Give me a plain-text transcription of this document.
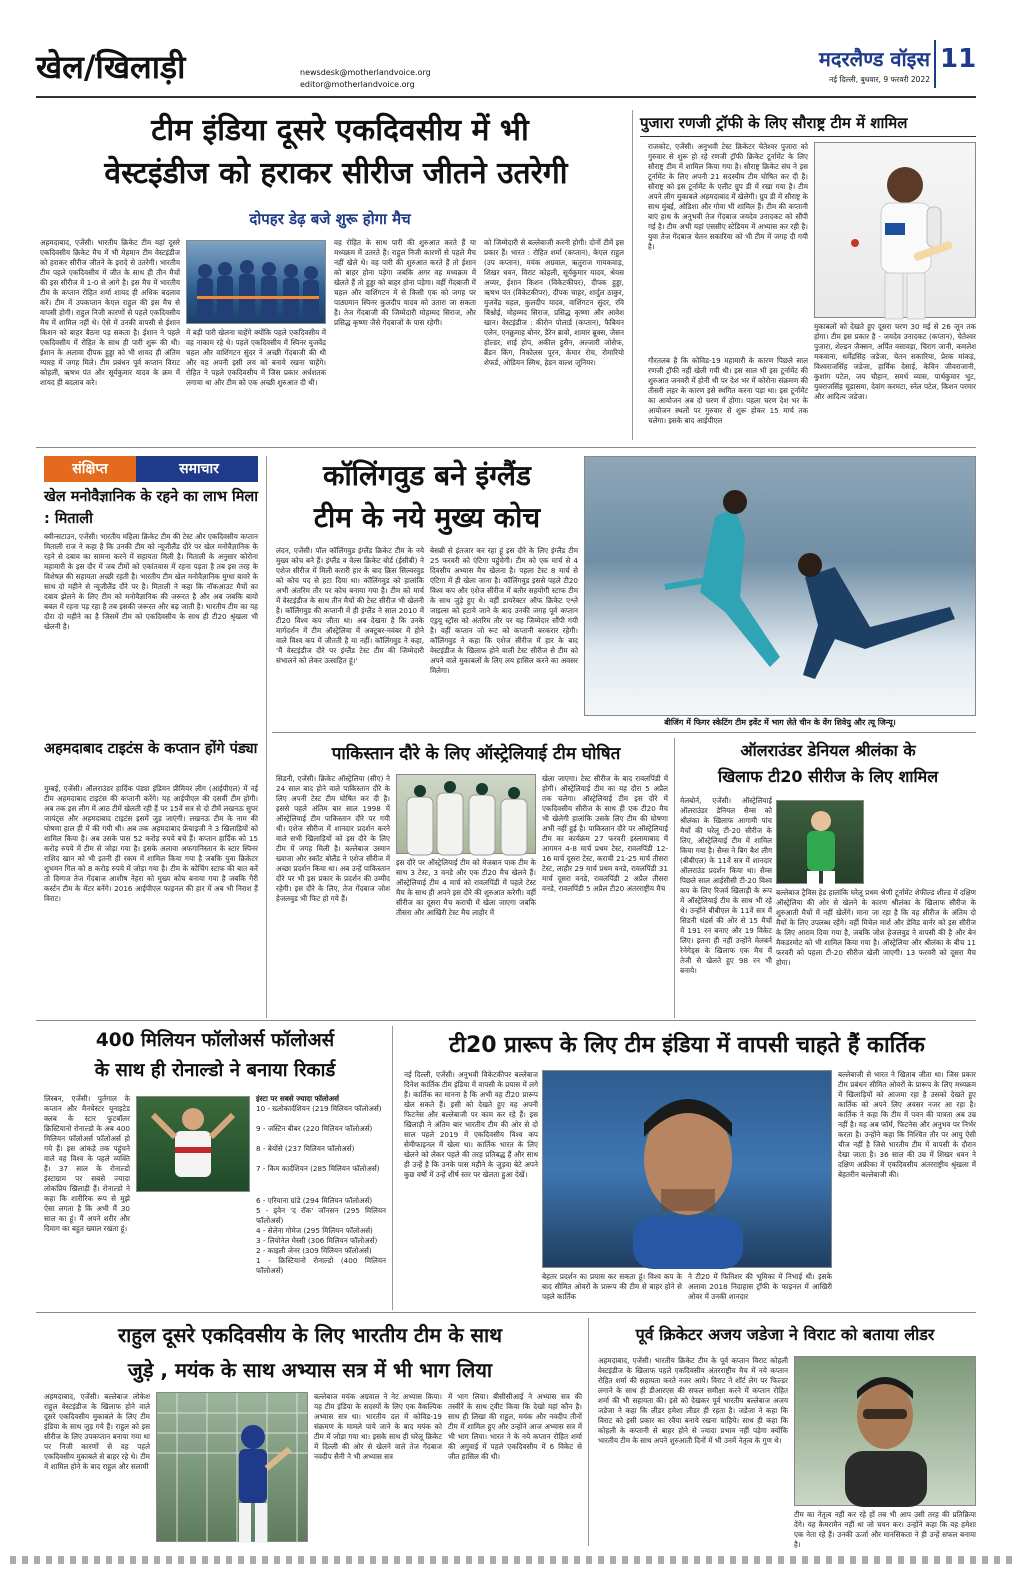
खेल/खिलाड़ी	newsdesk@motherlandvoice.org
editor@motherlandvoice.org
मदरलैण्ड वॉइस 11
नई दिल्ली, बुधवार, 9 फरवरी 2022
टीम इंडिया दूसरे एकदिवसीय में भी
वेस्टइंडीज को हराकर सीरीज जीतने उतरेगी
दोपहर डेढ़ बजे शुरू होगा मैच
अहमदाबाद, एजेंसी। भारतीय क्रिकेट टीम यहां दूसरे एकदिवसीय क्रिकेट मैच में भी मेहमान टीम वेस्टइंडीज को हराकर सीरीज जीतने के इरादे से उतरेगी। भारतीय टीम पहले एकदिवसीय में जीत के साथ ही तीन मैचों की इस सीरीज में 1-0 से आगे है। इस मैच में भारतीय टीम के कप्तान रोहित शर्मा शायद ही अधिक बदलाव करें। टीम में उपकप्तान केएल राहुल की इस मैच से वापसी होगी। राहुल निजी कारणों से पहले एकदिवसीय मैच में शामिल नहीं थे। ऐसे में उनकी वापसी से ईशान किशन को बाहर बैठना पड़ सकता है। ईशान ने पहले एकदिवसीय में रोहित के साथ ही पारी शुरू की थी। ईशान के अलावा दीपक हुड्डा को भी शायद ही अंतिम ग्यारह में जगह मिले। टीम प्रबंधन पूर्व कप्तान विराट कोहली, ऋषभ पंत और सूर्यकुमार यादव के क्रम में शायद ही बदलाव करे।
में बड़ी पारी खेलना चाहेंगे क्योंकि पहले एकदिवसीय में वह नाकाम रहे थे। पहले एकदिवसीय में स्पिनर युजवेंद्र चहल और वाशिंगटन सुंदर ने अच्छी गेंदबाजी की थी और यह अपनी इसी लय को बनाये रखना चाहेंगे। रोहित ने पहले एकदिवसीय में जिस प्रकार अर्धशतक लगाया था और टीम को एक अच्छी शुरुआत दी थी।
वह रोहित के साथ पारी की शुरुआत करते हैं या मध्यक्रम में उतरते हैं। राहुल निजी कारणों से पहले मैच नहीं खेले थे। वह पारी की शुरुआत करते हैं तो ईशान को बाहर होना पड़ेगा जबकि अगर वह मध्यक्रम में खेलते हैं तो हुड्डा को बाहर होना पड़ेगा। वहीं गेंदबाजी में चहल और वाशिंगटन में से किसी एक को जगह पर पाठ्यमान स्पिनर कुलदीप यादव को उतारा जा सकता है। तेज गेंदबाजी की जिम्मेदारी मोहम्मद सिराज, और प्रसिद्ध कृष्णा जैसे गेंदबाजों के पास रहेगी।
को जिम्मेदारी से बल्लेबाजी करनी होगी। दोनों टीमें इस प्रकार हैं। भारत : रोहित शर्मा (कप्तान), केएल राहुल (उप कप्तान), मयंक अग्रवाल, ऋतुराज गायकवाड़, शिखर धवन, विराट कोहली, सूर्यकुमार यादव, श्रेयस अय्यर, ईशान किशन (विकेटकीपर), दीपक हुड्डा, ऋषभ पंत (विकेटकीपर), दीपक चाहर, शार्दुल ठाकुर, युजवेंद्र चहल, कुलदीप यादव, वाशिंगटन सुंदर, रवि बिश्नोई, मोहम्मद सिराज, प्रसिद्ध कृष्णा और आवेश खान। वेस्टइंडीज : कीरोन पोलार्ड (कप्तान), फैबियन एलेन, एनक्रुमाह बोनर, डैरेन ब्रावो, शामार ब्रूक्स, जेसन होल्डर, शाई होप, अकील हुसैन, अल्जारी जोसेफ, ब्रैंडन किंग, निकोलस पूरन, केमार रोच, रोमारियो शेफर्ड, ओडियन स्मिथ, हेडन वाल्श जूनियर।
पुजारा रणजी ट्रॉफी के लिए सौराष्ट्र टीम में शामिल
राजकोट, एजेंसी। अनुभवी टेस्ट क्रिकेटर चेतेश्वर पुजारा को गुरुवार से शुरू हो रहे रणजी ट्रॉफी क्रिकेट टूर्नामेंट के लिए सौराष्ट्र टीम में शामिल किया गया है। सौराष्ट्र क्रिकेट संघ ने इस टूर्नामेंट के लिए अपनी 21 सदस्यीय टीम घोषित कर दी है। सौराष्ट्र को इस टूर्नामेंट के एलीट ग्रुप डी में रखा गया है। टीम अपने लीग मुकाबले अहमदाबाद में खेलेगी। ग्रुप डी में सौराष्ट्र के साथ मुंबई, ओडिशा और गोवा भी शामिल हैं। टीम की कप्तानी बाएं हाथ के अनुभवी तेज गेंदबाज जयदेव उनादकट को सौंपी गई है। टीम अभी यहां एससीए स्टेडियम में अभ्यास कर रही है। युवा तेज गेंदबाज चेतन सकारिया को भी टीम में जगह दी गयी है।
गौरतलब है कि कोविड-19 महामारी के कारण पिछले साल रणजी ट्रॉफी नहीं खेली गयी थी। इस साल भी इस टूर्नामेंट की शुरुआत जनवरी में होनी थी पर देश भर में कोरोना संक्रमण की तीसरी लहर के कारण इसे स्थगित करना पड़ा था। इस टूर्नामेंट का आयोजन अब दो चरण में होगा। पहला चरण देश भर के आयोजन स्थलों पर गुरुवार से शुरू होकर 15 मार्च तक चलेगा। इसके बाद आईपीएल
मुकाबलों को देखते हुए दूसरा चरण 30 मई से 26 जून तक होगा। टीम इस प्रकार है - जयदेव उनादकट (कप्तान), चेतेश्वर पुजारा, शेल्डन जैक्सन, अर्पित वसावड़ा, चिराग जानी, कमलेश मकवाना, धर्मेंद्रसिंह जडेजा, चेतन सकारिया, प्रेरक मांकड़, विश्वराजसिंह जडेजा, हार्विक देसाई, केविन जीवराजानी, कुशांग पटेल, जय चौहान, समर्थ व्यास, पार्थकुमार भुट, युवराजसिंह चूडासमा, देवांग करमटा, स्नेल पटेल, किशन परमार और आदित्य जडेजा।
संक्षिप्त	समाचार
खेल मनोवैज्ञानिक के रहने का लाभ मिला : मिताली
क्वीन्सटाउन, एजेंसी। भारतीय महिला क्रिकेट टीम की टेस्ट और एकदिवसीय कप्तान मिताली राज ने कहा है कि उनकी टीम को न्यूजीलैंड दौरे पर खेल मनोवैज्ञानिक के रहने से दबाव का सामना करने में सहायता मिली है। मिताली के अनुसार कोरोना महामारी के इस दौर में जब टीमों को एकांतवास में रहना पड़ता है तब इस तरह के विशेषज्ञ की सहायता अच्छी रहती है। भारतीय टीम खेल मनोवैज्ञानिक मुग्धा बावरे के साथ दो महीने से न्यूजीलैंड दौरे पर है। मिताली ने कहा कि नॉकआउट मैचों का दबाव झेलने के लिए टीम को मनोवैज्ञानिक की जरूरत है और अब जबकि बायो बबल में रहना पड़ रहा है तब इसकी जरूरत और बढ़ जाती है। भारतीय टीम का यह दौरा दो महीने का है जिसमें टीम को एकदिवसीय के साथ ही टी20 श्रृंखला भी खेलनी है।
अहमदाबाद टाइटंस के कप्तान होंगे पंड्या
मुम्बई, एजेंसी। ऑलराउंडर हार्दिक पंड्या इंडियन प्रीमियर लीग (आईपीएल) में नई टीम अहमदाबाद टाइटंस की कप्तानी करेंगे। यह आईपीएल की दसवीं टीम होगी। अब तक इस लीग में आठ टीमें खेलती रही हैं पर 15वें सत्र से दो टीमें लखनऊ सुपर जायंट्स और अहमदाबाद टाइटंस इसमें जुड़ जाएंगी। लखनऊ टीम के नाम की घोषणा हाल ही में की गयी थी। अब तक अहमदाबाद फ्रेंचाइजी ने 3 खिलाड़ियों को शामिल किया है। अब उसके पास 52 करोड़ रुपये बचे हैं। कप्तान हार्दिक को 15 करोड़ रुपये में टीम से जोड़ा गया है। इसके अलावा अफगानिस्तान के स्टार स्पिनर राशिद खान को भी इतनी ही रकम में शामिल किया गया है जबकि युवा क्रिकेटर शुभमन गिल को 8 करोड़ रुपये में जोड़ा गया है। टीम के कोचिंग स्टाफ की बात करें तो दिग्गज तेज गेंदबाज आशीष नेहरा को मुख्य कोच बनाया गया है जबकि गैरी कर्स्टन टीम के मेंटर बनेंगे। 2016 आईपीएल फाइनल की हार में अब भी निराश हैं विराट।
कॉलिंगवुड बने इंग्लैंड
टीम के नये मुख्य कोच
लंदन, एजेंसी। पॉल कॉलिंगवुड इंग्लैंड क्रिकेट टीम के नये मुख्य कोच बने हैं। इंग्लैंड व वेल्स क्रिकेट बोर्ड (ईसीबी) ने एशेज सीरीज में मिली करारी हार के बाद क्रिस सिल्वरवुड को कोच पद से हटा दिया था। कॉलिंगवुड को हालांकि अभी अंतरिम तौर पर कोच बनाया गया है। टीम को मार्च में वेस्टइंडीज के साथ तीन मैचों की टेस्ट सीरीज भी खेलनी है। कॉलिंगवुड की कप्तानी में ही इंग्लैंड ने साल 2010 में टी20 विश्व कप जीता था। अब देखना है कि उनके मार्गदर्शन में टीम ऑस्ट्रेलिया में अक्टूबर-नवंबर में होने वाले विश्व कप में जीतती है या नहीं। कॉलिंगवुड ने कहा, 'मैं वेस्टइंडीज दौरे पर इंग्लैंड टेस्ट टीम की जिम्मेदारी संभालने को लेकर उत्साहित हूं।'
बेसब्री से इंतजार कर रहा हूं इस दौरे के लिए इंग्लैंड टीम 25 फरवरी को एंटिगा पहुंचेगी। टीम को एक मार्च से 4 दिवसीय अभ्यास मैच खेलना है। पहला टेस्ट 8 मार्च से एंटिगा में ही खेला जाना है। कॉलिंगवुड इससे पहले टी20 विश्व कप और एशेज सीरीज में बतौर सहयोगी स्टाफ टीम के साथ जुड़े हुए थे। वहीं डायरेक्टर ऑफ क्रिकेट एश्ले जाइल्स को हटाये जाने के बाद उनकी जगह पूर्व कप्तान एंड्रयू स्ट्रॉस को अंतरिम तौर पर यह जिम्मेदार सौंपी गयी है। वहीं कप्तान जो रूट को कप्तानी बरकरार रहेगी। कॉलिंगवुड ने कहा कि एशेज सीरीज में हार के बाद वेस्टइंडीज के खिलाफ होने वाली टेस्ट सीरीज से टीम को अपने वाले मुकाबलों के लिए लय हासिल करने का अवसर मिलेगा।
बीजिंग में फिगर स्केटिंग टीम इवेंट में भाग लेते चीन के वेंग शिवेयु और त्यू जिन्यू।
पाकिस्तान दौरे के लिए ऑस्ट्रेलियाई टीम घोषित
सिडनी, एजेंसी। क्रिकेट ऑस्ट्रेलिया (सीए) ने 24 साल बाद होने वाले पाकिस्तान दौरे के लिए अपनी टेस्ट टीम घोषित कर दी है। इससे पहले अंतिम बार साल 1998 में ऑस्ट्रेलियाई टीम पाकिस्तान दौरे पर गयी थी। एशेज सीरीज में शानदार प्रदर्शन करने वाले सभी खिलाड़ियों को इस दौरे के लिए टीम में जगह मिली है। बल्लेबाज उस्मान ख्वाजा और स्कॉट बोलैंड ने एशेज सीरीज में अच्छा प्रदर्शन किया था। अब उन्हें पाकिस्तान दौरे पर भी इस प्रकार के प्रदर्शन की उम्मीद रहेगी। इस दौरे के लिए, तेज गेंदबाज जोश हेजलवुड भी फिट हो गये हैं।
इस दौरे पर ऑस्ट्रेलियाई टीम को मेजबान पाक टीम के साथ 3 टेस्ट, 3 वनडे और एक टी20 मैच खेलने हैं। ऑस्ट्रेलियाई टीम 4 मार्च को रावलपिंडी में पहले टेस्ट मैच के साथ ही अपने इस दौरे की शुरुआत करेगी। वहीं सीरीज का दूसरा मैच कराची में खेला जाएगा जबकि तीसरा और आखिरी टेस्ट मैच लाहौर में
खेला जाएगा। टेस्ट सीरीज के बाद रावलपिंडी में होगी। ऑस्ट्रेलियाई टीम का यह दौरा 5 अप्रैल तक चलेगा। ऑस्ट्रेलियाई टीम इस दौरे में एकदिवसीय सीरीज के साथ ही एक टी20 मैच भी खेलेगी हालांकि उसके लिए टीम की घोषणा अभी नहीं हुई है। पाकिस्तान दौरे पर ऑस्ट्रेलियाई टीम का कार्यक्रम 27 फरवरी इस्लामाबाद में आगमन 4-8 मार्च प्रथम टेस्ट, रावलपिंडी 12-16 मार्च दूसरा टेस्ट, कराची 21-25 मार्च तीसरा टेस्ट, लाहौर 29 मार्च प्रथम वनडे, रावलपिंडी 31 मार्च दूसरा वनडे, रावलपिंडी 2 अप्रैल तीसरा वनडे, रावलपिंडी 5 अप्रैल टी20 अंतरराष्ट्रीय मैच
ऑलराउंडर डेनियल श्रीलंका के
खिलाफ टी20 सीरीज के लिए शामिल
मेलबोर्न, एजेंसी। ऑस्ट्रेलियाई ऑलराउंडर डेनियल सैम्स को श्रीलंका के खिलाफ आगामी पांच मैचों की घरेलू टी-20 सीरीज के लिए, ऑस्ट्रेलियाई टीम में शामिल किया गया है। सैम्स ने बिग बैश लीग (बीबीएल) के 11वें सत्र में शानदार ऑलराउंड प्रदर्शन किया था। सैम्स पिछले साल आईसीसी टी-20 विश्व कप के लिए रिजर्व खिलाड़ी के रूप में ऑस्ट्रेलियाई टीम के साथ भी रहे थे। उन्होंने बीबीएल के 11वें सत्र में सिडनी थंडर्स की ओर से 15 मैचों में 191 रन बनाए और 19 विकेट लिए। इतना ही नहीं उन्होंने मेलबर्न रेनेगेड्स के खिलाफ एक मैच में तेजी से खेलते हुए 98 रन भी बनाये।
बल्लेबाज ट्रैविस हेड हालांकि घरेलू प्रथम श्रेणी टूर्नामेंट शेफील्ड शील्ड में दक्षिण ऑस्ट्रेलिया की ओर से खेलने के कारण श्रीलंका के खिलाफ सीरीज के शुरुआती मैचों में नहीं खेलेंगे। माना जा रहा है कि वह सीरीज के अंतिम दो मैचों के लिए उपलब्ध रहेंगे। वहीं मिचेल मार्श और डेविड वार्नर को इस सीरीज के लिए आराम दिया गया है, जबकि जोश हेजलवुड ने वापसी की है और बेन मैकडरमोट को भी शामिल किया गया है। ऑस्ट्रेलिया और श्रीलंका के बीच 11 फरवरी को पहला टी-20 सीरीज खेली जाएगी। 13 फरवरी को दूसरा मैच होगा।
400 मिलियन फॉलोअर्स फॉलोअर्स
के साथ ही रोनाल्डो ने बनाया रिकार्ड
लिस्बन, एजेंसी। पुर्तगाल के कप्तान और मैनचेस्टर यूनाइटेड क्लब के स्टार फुटबॉलर क्रिस्टियानो रोनाल्डो के अब 400 मिलियन फॉलोअर्स फॉलोअर्स हो गये हैं। इस आंकड़े तक पहुंचने वाले वह विश्व के पहले व्यक्ति हैं। 37 साल के रोनाल्डो इंस्टाग्राम पर सबसे ज्यादा लोकप्रिय खिलाड़ी हैं। रोनाल्डो ने कहा कि शारीरिक रूप से मुझे ऐसा लगता है कि अभी मैं 30 साल का हूं। मैं अपने शरीर और दिमाग का बहुत ख्याल रखता हूं।
इंस्टा पर सबसे ज्यादा फॉलोअर्स
10 - ख्लोकार्दशियन (219 मिलियन फॉलोअर्स)
9 - जस्टिन बीबर (220 मिलियन फॉलोअर्स)
8 - बेयोंसे (237 मिलियन फॉलोअर्स)
7 - किम कार्दशियन (285 मिलियन फॉलोअर्स)
6 - एरियाना ग्रांडे (294 मिलियन फॉलोअर्स)
5 - ड्वेन 'द रॉक' जॉनसन (295 मिलियन फॉलोअर्स)
4 - सेलेना गोमेज (295 मिलियन फॉलोअर्स)
3 - लियोनेल मेस्सी (306 मिलियन फॉलोअर्स)
2 - काइली जेनर (309 मिलियन फॉलोअर्स)
1 - क्रिस्टियानो रोनाल्डो (400 मिलियन फॉलोअर्स)
टी20 प्रारूप के लिए टीम इंडिया में वापसी चाहते हैं कार्तिक
नई दिल्ली, एजेंसी। अनुभवी विकेटकीपर बल्लेबाज दिनेश कार्तिक टीम इंडिया में वापसी के प्रयास में लगे हैं। कार्तिक का मानना है कि अभी वह टी20 प्रारूप खेल सकते हैं। इसी को देखते हुए वह अपनी फिटनेस और बल्लेबाजी पर काम कर रहे हैं। इस खिलाड़ी ने अंतिम बार भारतीय टीम की ओर से दो साल पहले 2019 में एकदिवसीय विश्व कप सेमीफाइनल में खेला था। कार्तिक भारत के लिए खेलने को लेकर पहले की तरह प्रतिबद्ध हैं और साथ ही उन्हें है कि उनके पास महीने के जुड़वा बेटे अपने कुछ वर्षों में उन्हें शीर्ष स्तर पर खेलता हुआ देखें।
बेहतर प्रदर्शन का प्रयास कर सकता हूं। विश्व कप के बाद सीमित ओवरों के प्रारूप की टीम से बाहर होने से पहले कार्तिक
ने टी20 में फिनिशर की भूमिका में निभाई थी। इसके अलावा 2018 निदाहास ट्रॉफी के फाइनल में आखिरी ओवर में उनकी शानदार
बल्लेबाजी से भारत ने खिताब जीता था। जिस प्रकार टीम प्रबंधन सीमित ओवरों के प्रारूप के लिए मध्यक्रम में खिलाड़ियों को आजमा रहा है उसको देखते हुए कार्तिक को अपने लिए अवसर नजर आ रहा है। कार्तिक ने कहा कि टीम में पवन की पात्रता अब उम्र नहीं है। यह अब फॉर्म, फिटनेस और अनुभव पर निर्भर करता है। उन्होंने कहा कि निश्चित तौर पर आयु ऐसी चीज नहीं है जिसे भारतीय टीम में वापसी के दौरान देखा जाता है। 36 साल की उम्र में शिखर धवन ने दक्षिण अफ्रीका में एकदिवसीय अंतरराष्ट्रीय श्रृंखला में बेहतरीन बल्लेबाजी की।
राहुल दूसरे एकदिवसीय के लिए भारतीय टीम के साथ
जुड़े , मयंक के साथ अभ्यास सत्र में भी भाग लिया
अहमदाबाद, एजेंसी। बल्लेबाज लोकेश राहुल वेस्टइंडीज के खिलाफ होने वाले दूसरे एकदिवसीय मुकाबले के लिए टीम इंडिया के साथ जुड़ गये हैं। राहुल को इस सीरीज के लिए उपकप्तान बनाया गया था पर निजी कारणों से वह पहले एकदिवसीय मुकाबले से बाहर रहे थे। टीम में शामिल होने के बाद राहुल और सलामी
बल्लेबाज मयंक अग्रवाल ने नेट अभ्यास किया। यह टीम इंडिया के सदस्यों के लिए एक वैकल्पिक अभ्यास सत्र था। भारतीय दल में कोविड-19 संक्रमण के मामले पाये जाने के बाद मयंक को टीम में जोड़ा गया था। इसके साथ ही घरेलू क्रिकेट में दिल्ली की ओर से खेलने वाले तेज गेंदबाज नवदीप सैनी ने भी अभ्यास सत्र
में भाग लिया। बीसीसीआई ने अभ्यास सत्र की तस्वीरें के साथ ट्वीट किया कि देखो यहां कौन है। साथ ही लिखा की राहुल, मयंक और नवदीप तीनों टीम में शामिल हुए और उन्होंने आज अभ्यास सत्र में भी भाग लिया। भारत ने के नये कप्तान रोहित शर्मा की अगुवाई में पहले एकदिवसीय में 6 विकेट से जीत हासिल की थी।
पूर्व क्रिकेटर अजय जडेजा ने विराट को बताया लीडर
अहमदाबाद, एजेंसी। भारतीय क्रिकेट टीम के पूर्व कप्तान विराट कोहली वेस्टइंडीज के खिलाफ पहले एकदिवसीय अंतरराष्ट्रीय मैच में नये कप्तान रोहित शर्मा की सहायता करते नजर आये। विराट ने शॉर्ट लेग पर फिल्डर लगाने के साथ ही डीआरएस की सफल समीक्षा करने में कप्तान रोहित शर्मा की भी सहायता की। इसे को देखकर पूर्व भारतीय बल्लेबाज अजय जडेजा ने कहा कि लीडर हमेशा लीडर ही रहता है। जडेजा ने कहा कि विराट को इसी प्रकार का रवैया बनाये रखना चाहिये। साथ ही कहा कि कोहली के कप्तानी से बाहर होने से ज्यादा प्रभाव नहीं पड़ेगा क्योंकि भारतीय टीम के साथ अपने शुरुआती दिनों में भी उनमें नेतृत्व के गुण थे।
टीम का नेतृत्व नहीं कर रहे हों तब भी आप उसी तरह की प्रतिक्रिया देंगे। यह कैमरामैन नहीं था जो चयन कर। उन्होंने कहा कि वह हमेशा एक नेता रहे हैं। उनकी ऊर्जा और मानसिकता ने ही उन्हें सफल बनाया है।
